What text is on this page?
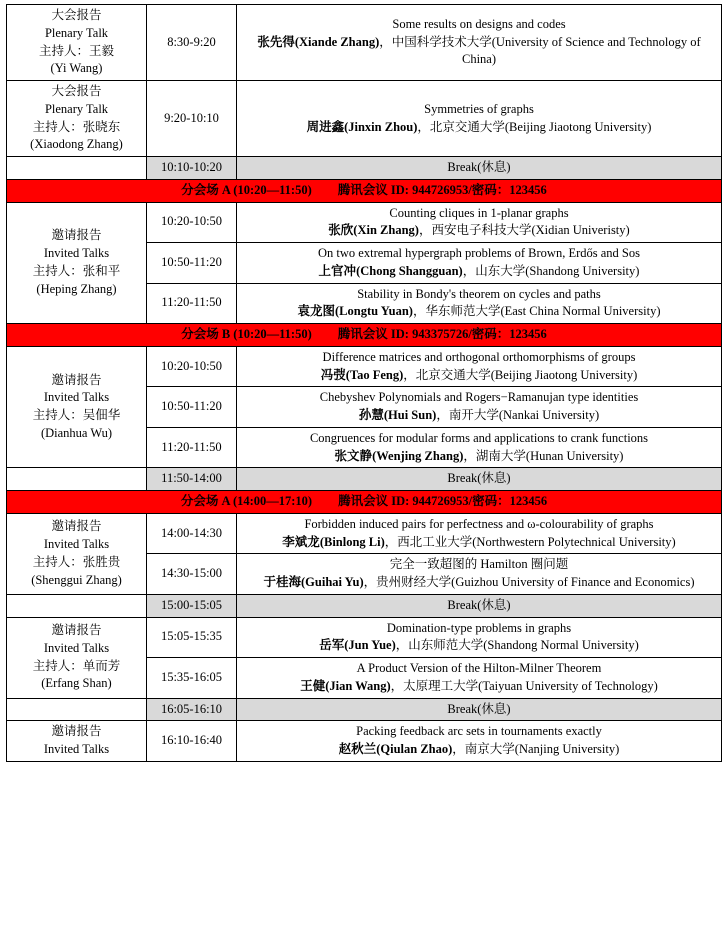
大会报告
Plenary Talk
主持人：王毅
(Yi Wang)	8:30-9:20	Some results on designs and codes
张先得(Xiande Zhang)，中国科学技术大学(University of Science and Technology of China)

大会报告
Plenary Talk
主持人：张晓东
(Xiaodong Zhang)	9:20-10:10	Symmetries of graphs
周进鑫(Jinxin Zhou)，北京交通大学(Beijing Jiaotong University)

	10:10-10:20	Break(休息)
分会场 A (10:20—11:50) 腾讯会议 ID: 944726953/密码：123456		

邀请报告
Invited Talks
主持人：张和平
(Heping Zhang)	10:20-10:50	Counting cliques in 1-planar graphs
张欣(Xin Zhang)，西安电子科技大学(Xidian Univeristy)

	10:50-11:20	On two extremal hypergraph problems of Brown, Erdős and Sos
上官冲(Chong Shangguan)，山东大学(Shandong University)

	11:20-11:50	Stability in Bondy's theorem on cycles and paths
袁龙图(Longtu Yuan)，华东师范大学(East China Normal University)

分会场 B (10:20—11:50) 腾讯会议 ID: 943375726/密码：123456		

邀请报告
Invited Talks
主持人：吴佃华
(Dianhua Wu)	10:20-10:50	Difference matrices and orthogonal orthomorphisms of groups
冯弢(Tao Feng)，北京交通大学(Beijing Jiaotong University)

	10:50-11:20	Chebyshev Polynomials and Rogers−Ramanujan type identities
孙慧(Hui Sun)，南开大学(Nankai University)

	11:20-11:50	Congruences for modular forms and applications to crank functions
张文静(Wenjing Zhang)，湖南大学(Hunan University)

	11:50-14:00	Break(休息)
分会场 A (14:00—17:10) 腾讯会议 ID: 944726953/密码：123456		

邀请报告
Invited Talks
主持人：张胜贵
(Shenggui Zhang)	14:00-14:30	Forbidden induced pairs for perfectness and ω-colourability of graphs
李斌龙(Binlong Li)，西北工业大学(Northwestern Polytechnical University)

	14:30-15:00	完全一致超图的 Hamilton 圈问题
于桂海(Guihai Yu)，贵州财经大学(Guizhou University of Finance and Economics)

	15:00-15:05	Break(休息)

邀请报告
Invited Talks
主持人：单而芳
(Erfang Shan)	15:05-15:35	Domination-type problems in graphs
岳军(Jun Yue)，山东师范大学(Shandong Normal University)

	15:35-16:05	A Product Version of the Hilton-Milner Theorem
王健(Jian Wang)，太原理工大学(Taiyuan University of Technology)

	16:05-16:10	Break(休息)

邀请报告
Invited Talks	16:10-16:40	Packing feedback arc sets in tournaments exactly
赵秋兰(Qiulan Zhao)，南京大学(Nanjing University)
